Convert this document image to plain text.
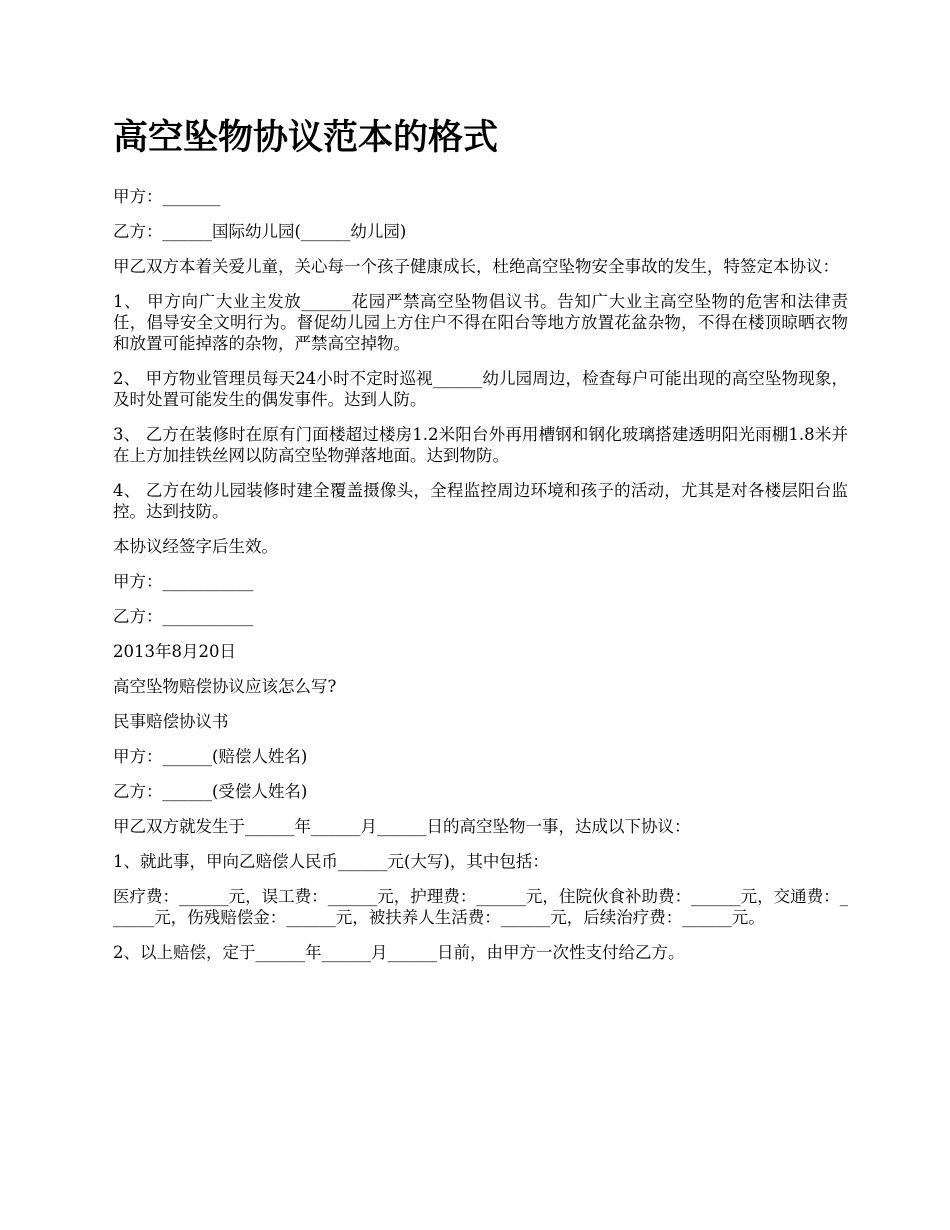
高空坠物协议范本的格式

甲方：_______

乙方：______国际幼儿园(______幼儿园)

甲乙双方本着关爱儿童，关心每一个孩子健康成长，杜绝高空坠物安全事故的发生，特签定本协议：

1、 甲方向广大业主发放______花园严禁高空坠物倡议书。告知广大业主高空坠物的危害和法律责任，倡导安全文明行为。督促幼儿园上方住户不得在阳台等地方放置花盆杂物，不得在楼顶晾晒衣物和放置可能掉落的杂物，严禁高空掉物。

2、 甲方物业管理员每天24小时不定时巡视______幼儿园周边，检查每户可能出现的高空坠物现象，及时处置可能发生的偶发事件。达到人防。

3、 乙方在装修时在原有门面楼超过楼房1.2米阳台外再用槽钢和钢化玻璃搭建透明阳光雨棚1.8米并在上方加挂铁丝网以防高空坠物弹落地面。达到物防。

4、 乙方在幼儿园装修时建全覆盖摄像头，全程监控周边环境和孩子的活动，尤其是对各楼层阳台监控。达到技防。

本协议经签字后生效。

甲方：___________

乙方：___________

2013年8月20日

高空坠物赔偿协议应该怎么写?

民事赔偿协议书

甲方：______(赔偿人姓名)

乙方：______(受偿人姓名)

甲乙双方就发生于______年______月______日的高空坠物一事，达成以下协议：

1、就此事，甲向乙赔偿人民币______元(大写)，其中包括：

医疗费：______元，误工费：______元，护理费：______元，住院伙食补助费：______元，交通费：______元，伤残赔偿金：______元，被扶养人生活费：______元，后续治疗费：______元。

2、以上赔偿，定于______年______月______日前，由甲方一次性支付给乙方。
